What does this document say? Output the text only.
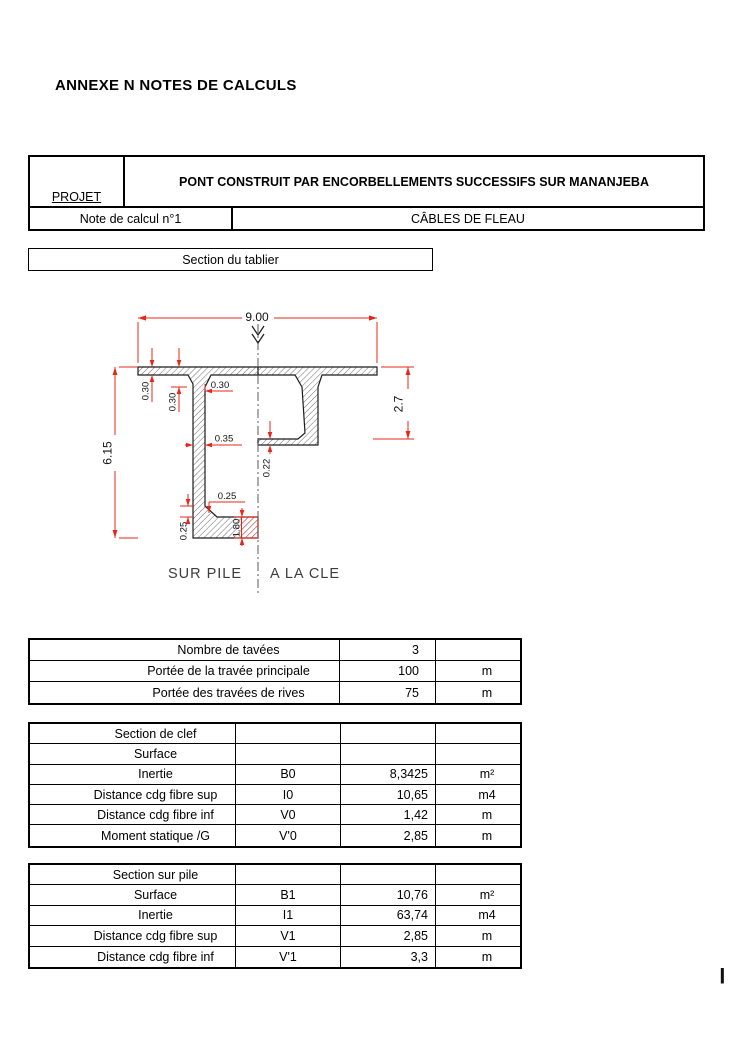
ANNEXE N NOTES DE CALCULS
PROJET
PONT CONSTRUIT PAR ENCORBELLEMENTS SUCCESSIFS SUR MANANJEBA
Note de calcul n°1	CÂBLES DE FLEAU
Section du tablier
9.00
6.15
2.7
0.30
0.30
0.30
0.35
0.25
0.25	1.80
0.22
SUR PILE A LA CLE
Nombre de tavées	3
Portée de la travée principale	100	m
Portée des travées de rives	75	m
Section de clef
Surface
Inertie	B0	8,3425	m²
Distance cdg fibre sup	I0	10,65	m4
Distance cdg fibre inf	V0	1,42	m
Moment statique /G	V'0	2,85	m
Section sur pile
Surface	B1	10,76	m²
Inertie	I1	63,74	m4
Distance cdg fibre sup	V1	2,85	m
Distance cdg fibre inf	V'1	3,3	m
|
